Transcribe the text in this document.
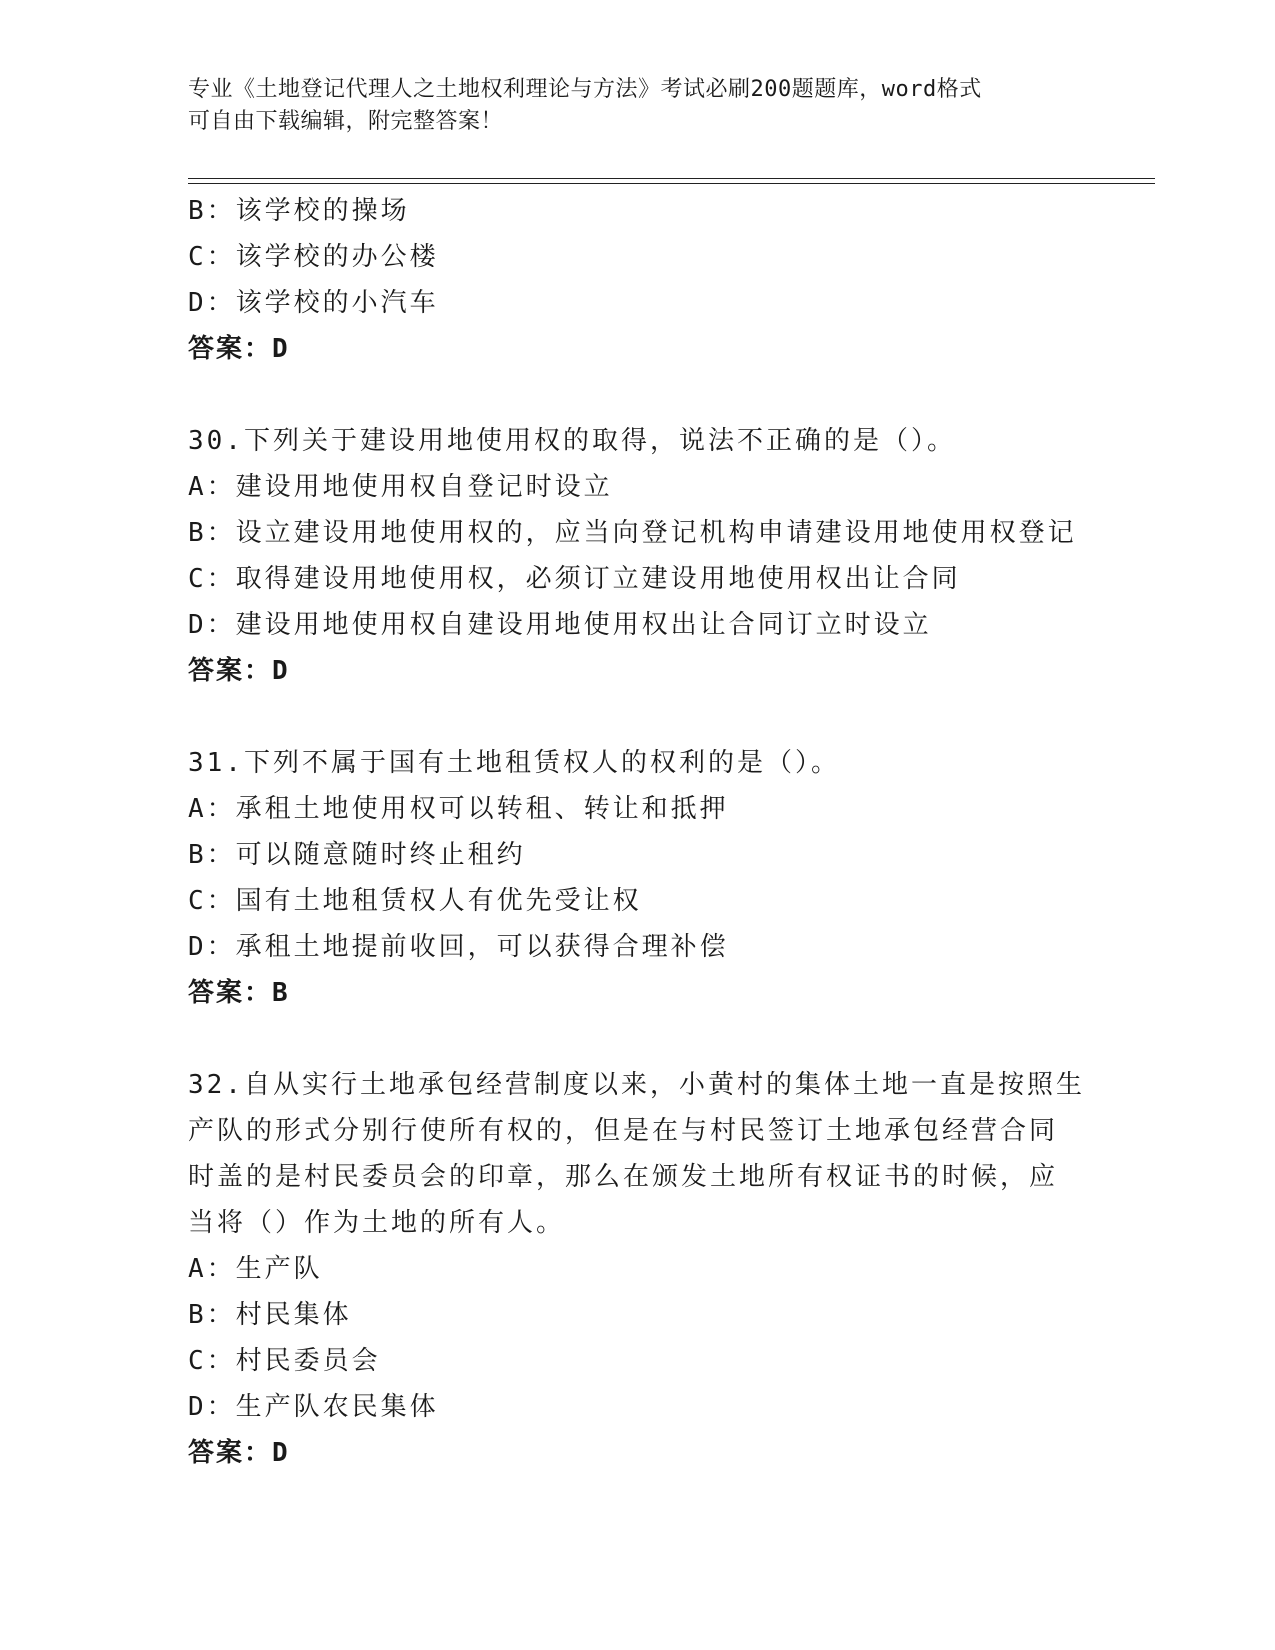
专业《土地登记代理人之土地权利理论与方法》考试必刷200题题库，word格式
可自由下载编辑，附完整答案！
B：该学校的操场
C：该学校的办公楼
D：该学校的小汽车
答案：D
30.下列关于建设用地使用权的取得，说法不正确的是（）。
A：建设用地使用权自登记时设立
B：设立建设用地使用权的，应当向登记机构申请建设用地使用权登记
C：取得建设用地使用权，必须订立建设用地使用权出让合同
D：建设用地使用权自建设用地使用权出让合同订立时设立
答案：D
31.下列不属于国有土地租赁权人的权利的是（）。
A：承租土地使用权可以转租、转让和抵押
B：可以随意随时终止租约
C：国有土地租赁权人有优先受让权
D：承租土地提前收回，可以获得合理补偿
答案：B
32.自从实行土地承包经营制度以来，小黄村的集体土地一直是按照生
产队的形式分别行使所有权的，但是在与村民签订土地承包经营合同
时盖的是村民委员会的印章，那么在颁发土地所有权证书的时候，应
当将（）作为土地的所有人。
A：生产队
B：村民集体
C：村民委员会
D：生产队农民集体
答案：D
